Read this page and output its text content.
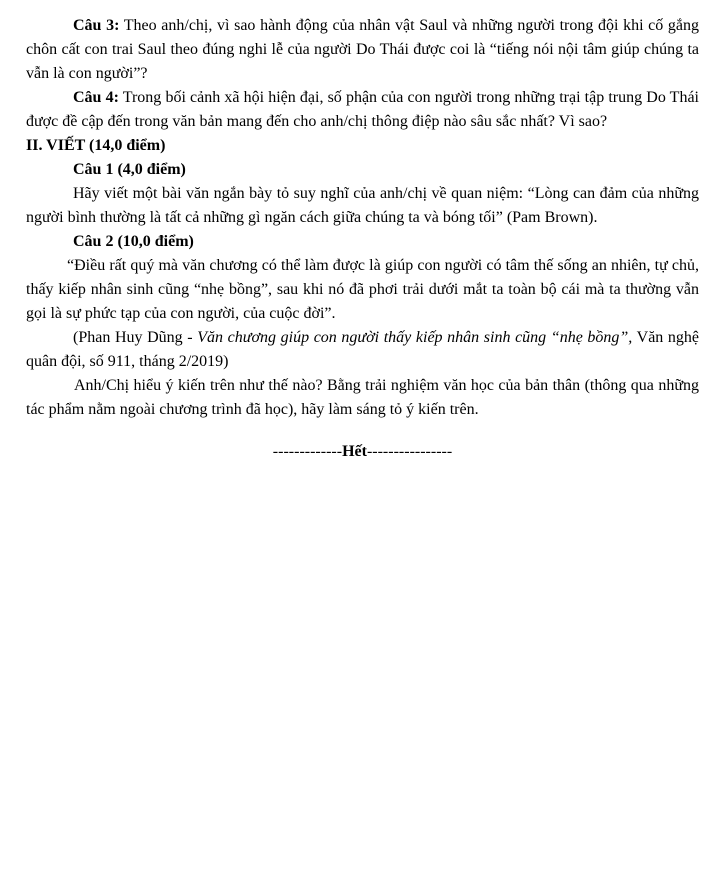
Câu 3: Theo anh/chị, vì sao hành động của nhân vật Saul và những người trong đội khi cố gắng chôn cất con trai Saul theo đúng nghi lễ của người Do Thái được coi là “tiếng nói nội tâm giúp chúng ta vẫn là con người”?

Câu 4: Trong bối cảnh xã hội hiện đại, số phận của con người trong những trại tập trung Do Thái được đề cập đến trong văn bản mang đến cho anh/chị thông điệp nào sâu sắc nhất? Vì sao?

II. VIẾT (14,0 điểm)

Câu 1 (4,0 điểm)

Hãy viết một bài văn ngắn bày tỏ suy nghĩ của anh/chị về quan niệm: “Lòng can đảm của những người bình thường là tất cả những gì ngăn cách giữa chúng ta và bóng tối” (Pam Brown).

Câu 2 (10,0 điểm)

“Điều rất quý mà văn chương có thể làm được là giúp con người có tâm thế sống an nhiên, tự chủ, thấy kiếp nhân sinh cũng “nhẹ bồng”, sau khi nó đã phơi trải dưới mắt ta toàn bộ cái mà ta thường vẫn gọi là sự phức tạp của con người, của cuộc đời”.

(Phan Huy Dũng - Văn chương giúp con người thấy kiếp nhân sinh cũng “nhẹ bồng”, Văn nghệ quân đội, số 911, tháng 2/2019)

Anh/Chị hiểu ý kiến trên như thế nào? Bằng trải nghiệm văn học của bản thân (thông qua những tác phẩm nằm ngoài chương trình đã học), hãy làm sáng tỏ ý kiến trên.

-------------Hết----------------
